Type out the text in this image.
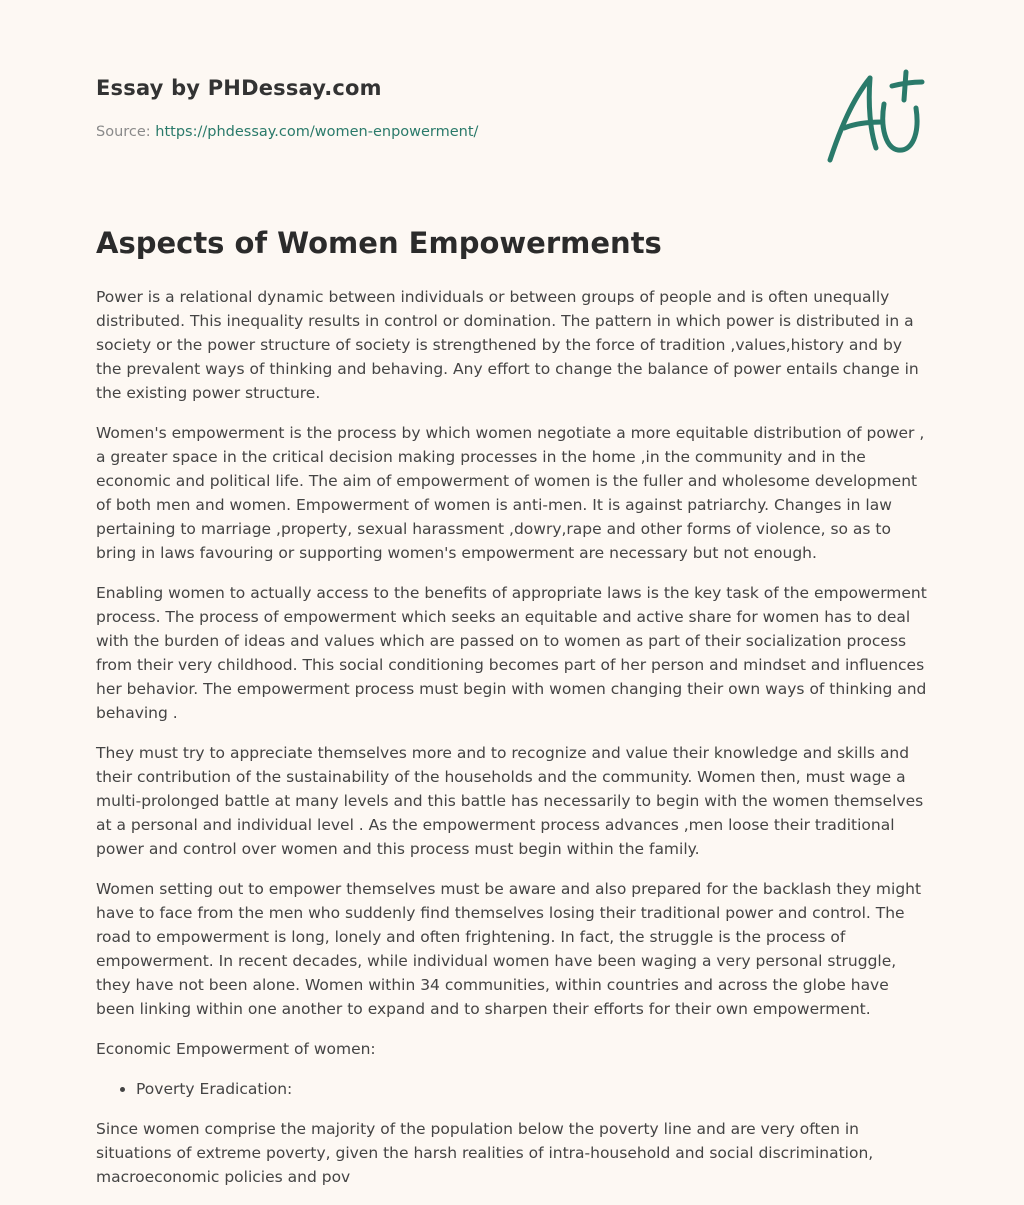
Essay by PHDessay.com
Source: https://phdessay.com/women-enpowerment/
Aspects of Women Empowerments

Power is a relational dynamic between individuals or between groups of people and is often unequally distributed. This inequality results in control or domination. The pattern in which power is distributed in a society or the power structure of society is strengthened by the force of tradition ,values,history and by the prevalent ways of thinking and behaving. Any effort to change the balance of power entails change in the existing power structure.

Women's empowerment is the process by which women negotiate a more equitable distribution of power , a greater space in the critical decision making processes in the home ,in the community and in the economic and political life. The aim of empowerment of women is the fuller and wholesome development of both men and women. Empowerment of women is anti-men. It is against patriarchy. Changes in law pertaining to marriage ,property, sexual harassment ,dowry,rape and other forms of violence, so as to bring in laws favouring or supporting women's empowerment are necessary but not enough.

Enabling women to actually access to the benefits of appropriate laws is the key task of the empowerment process. The process of empowerment which seeks an equitable and active share for women has to deal with the burden of ideas and values which are passed on to women as part of their socialization process from their very childhood. This social conditioning becomes part of her person and mindset and influences her behavior. The empowerment process must begin with women changing their own ways of thinking and behaving .

They must try to appreciate themselves more and to recognize and value their knowledge and skills and their contribution of the sustainability of the households and the community. Women then, must wage a multi-prolonged battle at many levels and this battle has necessarily to begin with the women themselves at a personal and individual level . As the empowerment process advances ,men loose their traditional power and control over women and this process must begin within the family.

Women setting out to empower themselves must be aware and also prepared for the backlash they might have to face from the men who suddenly find themselves losing their traditional power and control. The road to empowerment is long, lonely and often frightening. In fact, the struggle is the process of empowerment. In recent decades, while individual women have been waging a very personal struggle, they have not been alone. Women within 34 communities, within countries and across the globe have been linking within one another to expand and to sharpen their efforts for their own empowerment.

Economic Empowerment of women:

• Poverty Eradication:

Since women comprise the majority of the population below the poverty line and are very often in situations of extreme poverty, given the harsh realities of intra-household and social discrimination, macroeconomic policies and pov
